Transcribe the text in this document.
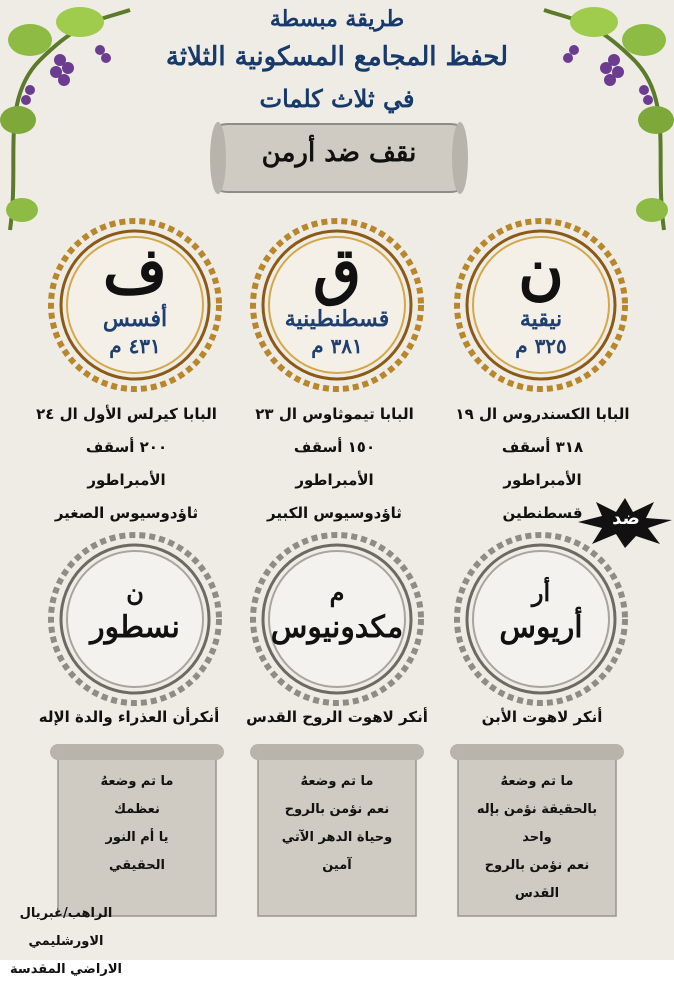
طريقة مبسطة
لحفظ المجامع المسكونية الثلاثة
في ثلاث كلمات
نقف ضد أرمن
ن
نيقية
٣٢٥ م
ق
قسطنطينية
٣٨١ م
ف
أفسس
٤٣١ م
البابا الكسندروس ال ١٩
٣١٨ أسقف
الأمبراطور
قسطنطين
البابا تيموثاوس ال ٢٣
١٥٠ أسقف
الأمبراطور
ثاؤدوسيوس الكبير
البابا كيرلس الأول ال ٢٤
٢٠٠ أسقف
الأمبراطور
ثاؤدوسيوس الصغير	ضد
أر
أريوس
م
مكدونيوس
ن
نسطور
أنكر لاهوت الأبن
أنكر لاهوت الروح القدس
أنكرأن العذراء والدة الإله
ما تم وضعهُ
بالحقيقة نؤمن بإله
واحد
نعم نؤمن بالروح
القدس
ما تم وضعهُ
نعم نؤمن بالروح
وحياة الدهر الآتي
آمين
ما تم وضعهُ
نعظمك
يا أم النور
الحقيقي
الراهب/غبريال الاورشليمي
الاراضي المقدسة
